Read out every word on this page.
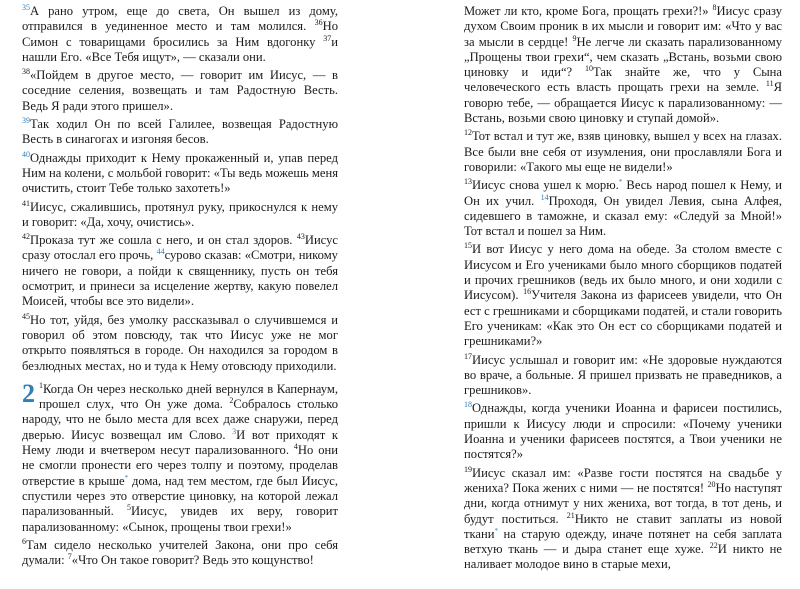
$^{35}$А рано утром, еще до света, Он вышел из дому, отправился в уединенное место и там молился. $^{36}$Но Симон с товарищами бросились за Ним вдогонку $^{37}$и нашли Его. «Все Тебя ищут», — сказали они.

$^{38}$«Пойдем в другое место, — говорит им Иисус, — в соседние селения, возвещать и там Радостную Весть. Ведь Я ради этого пришел».

$^{39}$Так ходил Он по всей Галилее, возвещая Радостную Весть в синагогах и изгоняя бесов.

$^{40}$Однажды приходит к Нему прокаженный и, упав перед Ним на колени, с мольбой говорит: «Ты ведь можешь меня очистить, стоит Тебе только захотеть!»

$^{41}$Иисус, сжалившись, протянул руку, прикоснулся к нему и говорит: «Да, хочу, очистись».

$^{42}$Проказа тут же сошла с него, и он стал здоров. $^{43}$Иисус сразу отослал его прочь, $^{44}$сурово сказав: «Смотри, никому ничего не говори, а пойди к священнику, пусть он тебя осмотрит, и принеси за исцеление жертву, какую повелел Моисей, чтобы все это видели».

$^{45}$Но тот, уйдя, без умолку рассказывал о случившемся и говорил об этом повсюду, так что Иисус уже не мог открыто появляться в городе. Он находился за городом в безлюдных местах, но и туда к Нему отовсюду приходили.

2 $^1$Когда Он через несколько дней вернулся в Капернаум, прошел слух, что Он уже дома. $^2$Собралось столько народу, что не было места для всех даже снаружи, перед дверью. Иисус возвещал им Слово. $^3$И вот приходят к Нему люди и вчетвером несут парализованного. $^4$Но они не смогли пронести его через толпу и поэтому, проделав отверстие в крыше* дома, над тем местом, где был Иисус, спустили через это отверстие циновку, на которой лежал парализованный. $^5$Иисус, увидев их веру, говорит парализованному: «Сынок, прощены твои грехи!»

$^6$Там сидело несколько учителей Закона, они про себя думали: $^7$«Что Он такое говорит? Ведь это кощунство!

Может ли кто, кроме Бога, прощать грехи?!» $^8$Иисус сразу духом Своим проник в их мысли и говорит им: «Что у вас за мысли в сердце! $^9$Не легче ли сказать парализованному „Прощены твои грехи“, чем сказать „Встань, возьми свою циновку и иди“? $^{10}$Так знайте же, что у Сына человеческого есть власть прощать грехи на земле. $^{11}$Я говорю тебе, — обращается Иисус к парализованному: — Встань, возьми свою циновку и ступай домой».

$^{12}$Тот встал и тут же, взяв циновку, вышел у всех на глазах. Все были вне себя от изумления, они прославляли Бога и говорили: «Такого мы еще не видели!»

$^{13}$Иисус снова ушел к морю.* Весь народ пошел к Нему, и Он их учил. $^{14}$Проходя, Он увидел Левия, сына Алфея, сидевшего в таможне, и сказал ему: «Следуй за Мной!» Тот встал и пошел за Ним.

$^{15}$И вот Иисус у него дома на обеде. За столом вместе с Иисусом и Его учениками было много сборщиков податей и прочих грешников (ведь их было много, и они ходили с Иисусом). $^{16}$Учителя Закона из фарисеев увидели, что Он ест с грешниками и сборщиками податей, и стали говорить Его ученикам: «Как это Он ест со сборщиками податей и грешниками?»

$^{17}$Иисус услышал и говорит им: «Не здоровые нуждаются во враче, а больные. Я пришел призвать не праведников, а грешников».

$^{18}$Однажды, когда ученики Иоанна и фарисеи постились, пришли к Иисусу люди и спросили: «Почему ученики Иоанна и ученики фарисеев постятся, а Твои ученики не постятся?»

$^{19}$Иисус сказал им: «Разве гости постятся на свадьбе у жениха? Пока жених с ними — не постятся! $^{20}$Но наступят дни, когда отнимут у них жениха, вот тогда, в тот день, и будут поститься. $^{21}$Никто не ставит заплаты из новой ткани* на старую одежду, иначе потянет на себя заплата ветхую ткань — и дыра станет еще хуже. $^{22}$И никто не наливает молодое вино в старые мехи,
